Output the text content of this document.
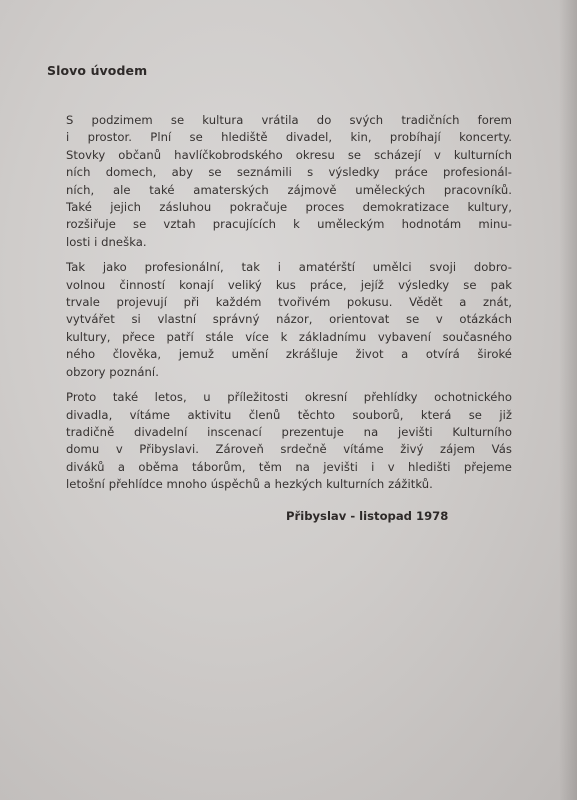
Slovo úvodem

S podzimem se kultura vrátila do svých tradičních forem
i prostor. Plní se hlediště divadel, kin, probíhají koncerty.
Stovky občanů havlíčkobrodského okresu se scházejí v kulturních
ních domech, aby se seznámili s výsledky práce profesionál-
ních, ale také amaterských zájmově uměleckých pracovníků.
Také jejich zásluhou pokračuje proces demokratizace kultury,
rozšiřuje se vztah pracujících k uměleckým hodnotám minu-
losti i dneška.

Tak jako profesionální, tak i amatérští umělci svoji dobro-
volnou činností konají veliký kus práce, jejíž výsledky se pak
trvale projevují při každém tvořivém pokusu. Vědět a znát,
vytvářet si vlastní správný názor, orientovat se v otázkách
kultury, přece patří stále více k základnímu vybavení současného
ného člověka, jemuž umění zkrášluje život a otvírá široké
obzory poznání.

Proto také letos, u příležitosti okresní přehlídky ochotnického
divadla, vítáme aktivitu členů těchto souborů, která se již
tradičně divadelní inscenací prezentuje na jevišti Kulturního
domu v Přibyslavi. Zároveň srdečně vítáme živý zájem Vás
diváků a oběma táborům, těm na jevišti i v hledišti přejeme
letošní přehlídce mnoho úspěchů a hezkých kulturních zážitků.

Přibyslav - listopad 1978
